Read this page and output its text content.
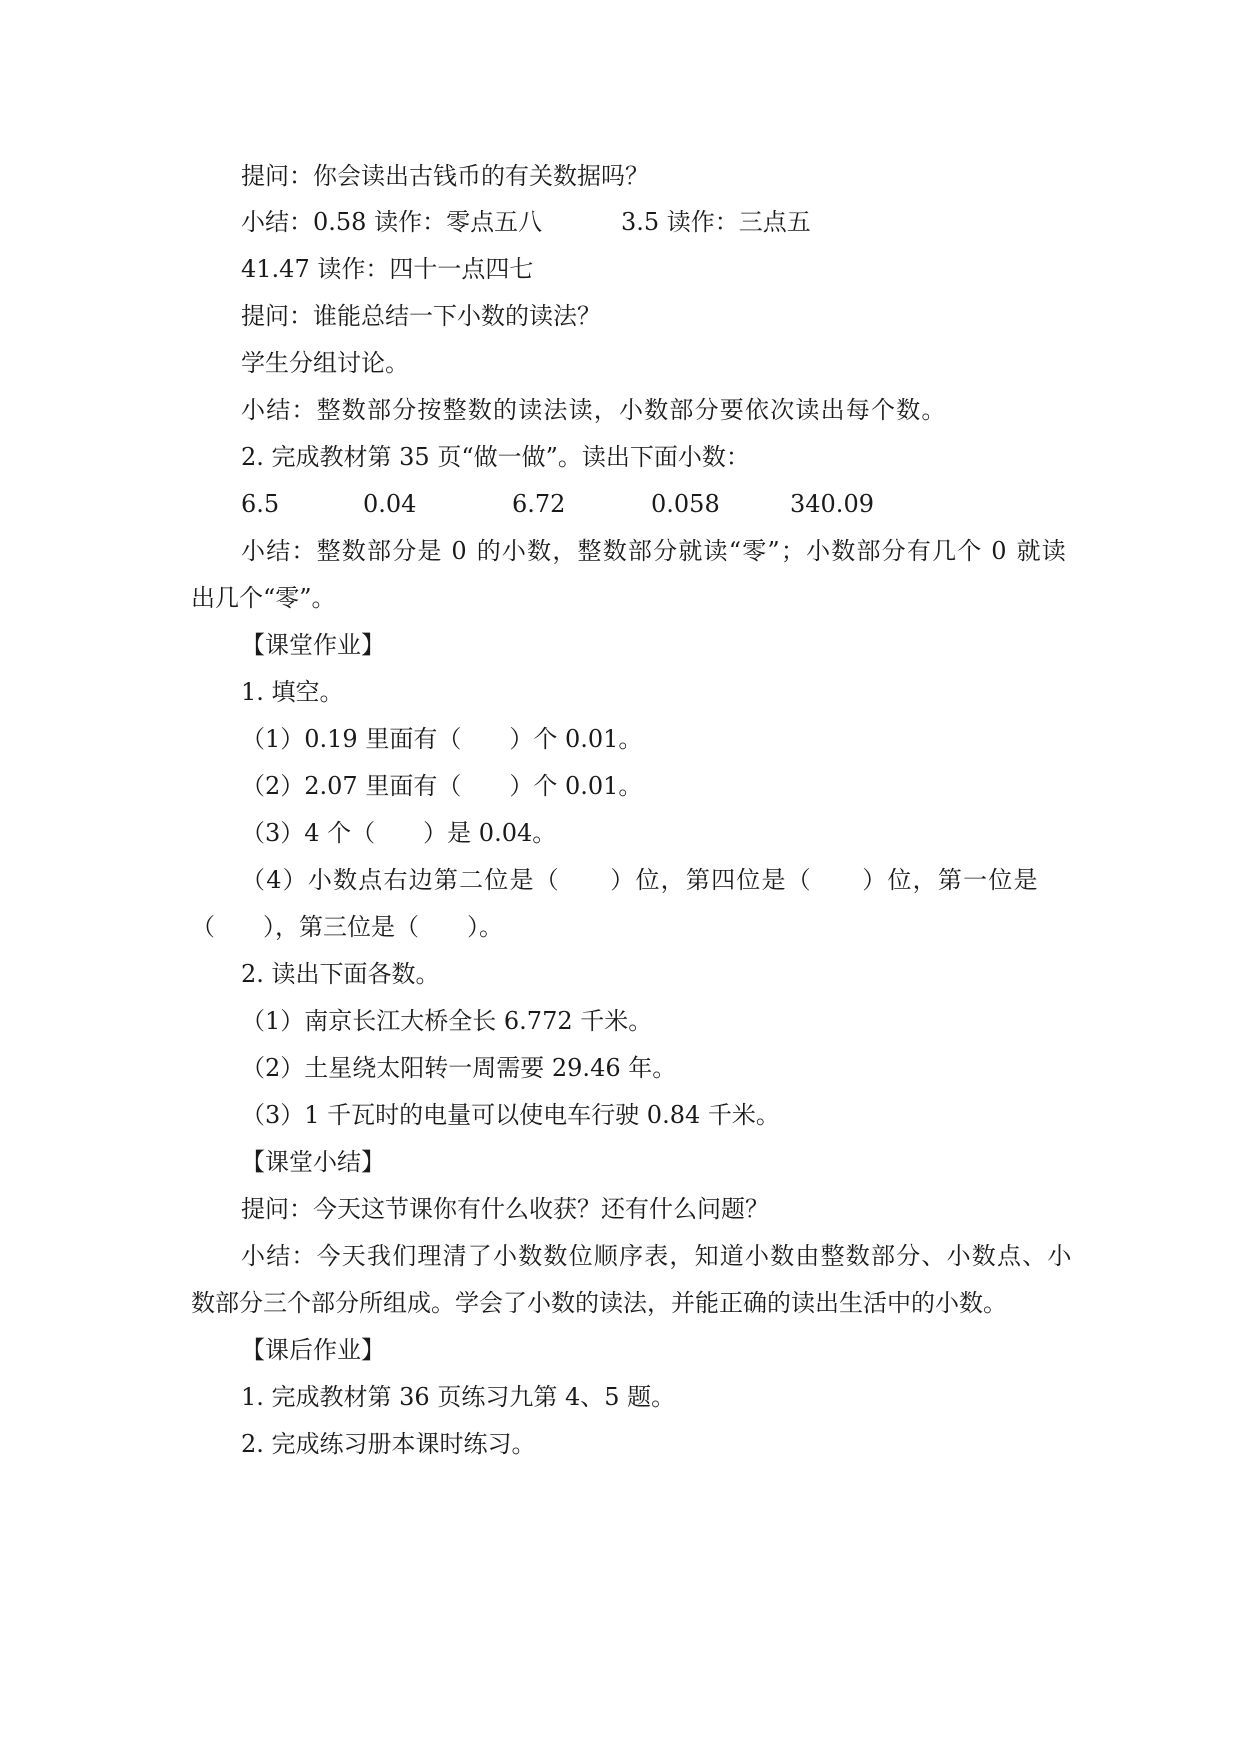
提问：你会读出古钱币的有关数据吗？
小结：0.58 读作：零点五八	3.5 读作：三点五
41.47 读作：四十一点四七
提问：谁能总结一下小数的读法？
学生分组讨论。
小结：整数部分按整数的读法读，小数部分要依次读出每个数。
2. 完成教材第 35 页“做一做”。读出下面小数：
6.5	0.04	6.72	0.058	340.09
小结：整数部分是 0 的小数，整数部分就读“零”；小数部分有几个 0 就读
出几个“零”。
【课堂作业】
1. 填空。
（1）0.19 里面有（　　）个 0.01。
（2）2.07 里面有（　　）个 0.01。
（3）4 个（　　）是 0.04。
（4）小数点右边第二位是（　　）位，第四位是（　　）位，第一位是
（　　），第三位是（　　）。
2. 读出下面各数。
（1）南京长江大桥全长 6.772 千米。
（2）土星绕太阳转一周需要 29.46 年。
（3）1 千瓦时的电量可以使电车行驶 0.84 千米。
【课堂小结】
提问：今天这节课你有什么收获？还有什么问题？
小结：今天我们理清了小数数位顺序表，知道小数由整数部分、小数点、小
数部分三个部分所组成。学会了小数的读法，并能正确的读出生活中的小数。
【课后作业】
1. 完成教材第 36 页练习九第 4、5 题。
2. 完成练习册本课时练习。
